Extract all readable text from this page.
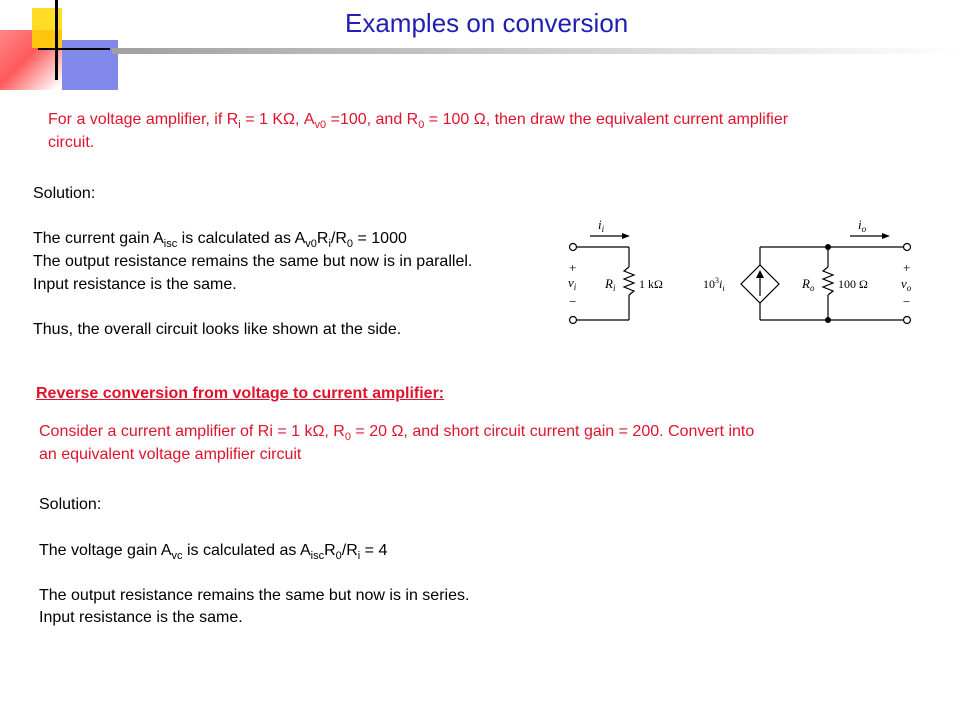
Examples on conversion
For a voltage amplifier, if $R_i = 1$ KΩ, $A_{v0} =100$, and $R_0 = 100$ Ω, then draw the equivalent current amplifier
circuit.
Solution:
The current gain $A_{isc}$ is calculated as $A_{v0}R_i/R_0 = 1000$
The output resistance remains the same but now is in parallel.
Input resistance is the same.
Thus, the overall circuit looks like shown at the side.
$i_i$
+
$v_i$
−
$R_i$ 1 kΩ	$10^3i_i$
$i_o$
$R_o$ 100 Ω
+
$v_o$
−
Reverse conversion from voltage to current amplifier:
Consider a current amplifier of Ri = 1 kΩ, $R_0 = 20$ Ω, and short circuit current gain = 200. Convert into
an equivalent voltage amplifier circuit
Solution:
The voltage gain $A_{vc}$ is calculated as $A_{isc}R_0/R_i = 4$
The output resistance remains the same but now is in series.
Input resistance is the same.
